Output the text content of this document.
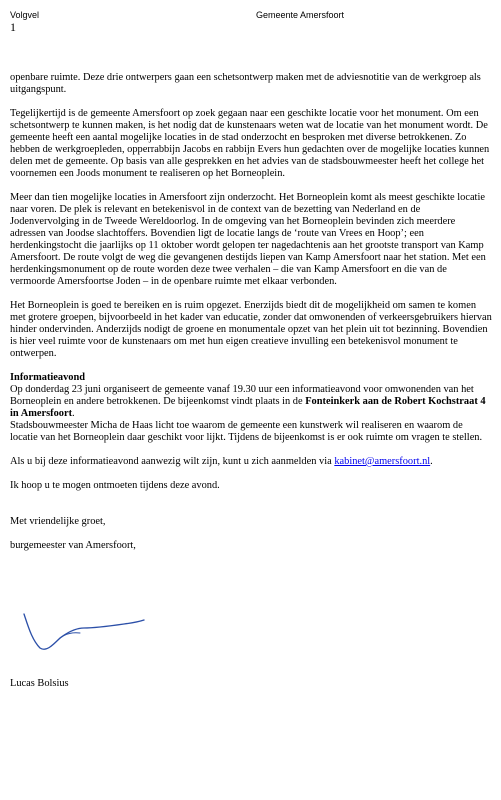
Volgvel	Gemeente Amersfoort
1

openbare ruimte. Deze drie ontwerpers gaan een schetsontwerp maken met de adviesnotitie van de werkgroep als uitgangspunt.

Tegelijkertijd is de gemeente Amersfoort op zoek gegaan naar een geschikte locatie voor het monument. Om een schetsontwerp te kunnen maken, is het nodig dat de kunstenaars weten wat de locatie van het monument wordt. De gemeente heeft een aantal mogelijke locaties in de stad onderzocht en besproken met diverse betrokkenen. Zo hebben de werkgroepleden, opperrabbijn Jacobs en rabbijn Evers hun gedachten over de mogelijke locaties kunnen delen met de gemeente. Op basis van alle gesprekken en het advies van de stadsbouwmeester heeft het college het voornemen een Joods monument te realiseren op het Borneoplein.

Meer dan tien mogelijke locaties in Amersfoort zijn onderzocht. Het Borneoplein komt als meest geschikte locatie naar voren. De plek is relevant en betekenisvol in de context van de bezetting van Nederland en de Jodenvervolging in de Tweede Wereldoorlog. In de omgeving van het Borneoplein bevinden zich meerdere adressen van Joodse slachtoffers. Bovendien ligt de locatie langs de ‘route van Vrees en Hoop’; een herdenkingstocht die jaarlijks op 11 oktober wordt gelopen ter nagedachtenis aan het grootste transport van Kamp Amersfoort. De route volgt de weg die gevangenen destijds liepen van Kamp Amersfoort naar het station. Met een herdenkingsmonument op de route worden deze twee verhalen – die van Kamp Amersfoort en die van de vermoorde Amersfoortse Joden – in de openbare ruimte met elkaar verbonden.

Het Borneoplein is goed te bereiken en is ruim opgezet. Enerzijds biedt dit de mogelijkheid om samen te komen met grotere groepen, bijvoorbeeld in het kader van educatie, zonder dat omwonenden of verkeersgebruikers hiervan hinder ondervinden. Anderzijds nodigt de groene en monumentale opzet van het plein uit tot bezinning. Bovendien is hier veel ruimte voor de kunstenaars om met hun eigen creatieve invulling een betekenisvol monument te ontwerpen.

Informatieavond

Op donderdag 23 juni organiseert de gemeente vanaf 19.30 uur een informatieavond voor omwonenden van het Borneoplein en andere betrokkenen. De bijeenkomst vindt plaats in de Fonteinkerk aan de Robert Kochstraat 4 in Amersfoort.

Stadsbouwmeester Micha de Haas licht toe waarom de gemeente een kunstwerk wil realiseren en waarom de locatie van het Borneoplein daar geschikt voor lijkt. Tijdens de bijeenkomst is er ook ruimte om vragen te stellen.

Als u bij deze informatieavond aanwezig wilt zijn, kunt u zich aanmelden via kabinet@amersfoort.nl.

Ik hoop u te mogen ontmoeten tijdens deze avond.

Met vriendelijke groet,

burgemeester van Amersfoort,

Lucas Bolsius
